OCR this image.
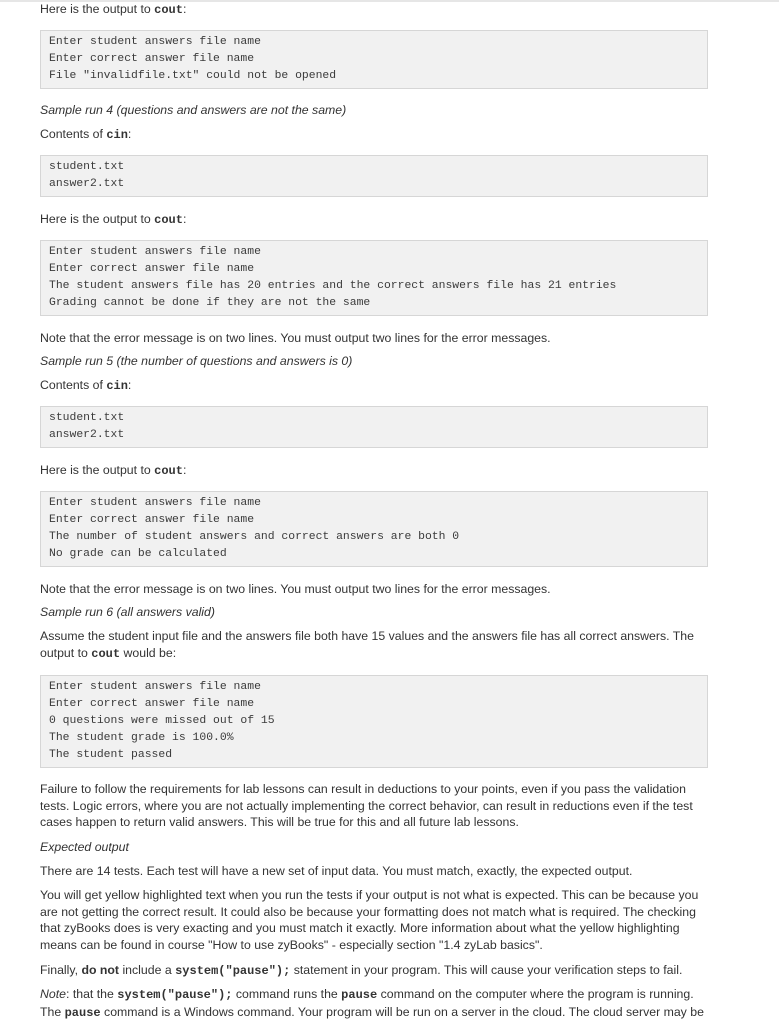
Here is the output to cout:

Enter student answers file name
Enter correct answer file name
File "invalidfile.txt" could not be opened

Sample run 4 (questions and answers are not the same)

Contents of cin:

student.txt
answer2.txt

Here is the output to cout:

Enter student answers file name
Enter correct answer file name
The student answers file has 20 entries and the correct answers file has 21 entries
Grading cannot be done if they are not the same

Note that the error message is on two lines. You must output two lines for the error messages.

Sample run 5 (the number of questions and answers is 0)

Contents of cin:

student.txt
answer2.txt

Here is the output to cout:

Enter student answers file name
Enter correct answer file name
The number of student answers and correct answers are both 0
No grade can be calculated

Note that the error message is on two lines. You must output two lines for the error messages.

Sample run 6 (all answers valid)

Assume the student input file and the answers file both have 15 values and the answers file has all correct answers. The output to cout would be:

Enter student answers file name
Enter correct answer file name
0 questions were missed out of 15
The student grade is 100.0%
The student passed

Failure to follow the requirements for lab lessons can result in deductions to your points, even if you pass the validation tests. Logic errors, where you are not actually implementing the correct behavior, can result in reductions even if the test cases happen to return valid answers. This will be true for this and all future lab lessons.

Expected output

There are 14 tests. Each test will have a new set of input data. You must match, exactly, the expected output.

You will get yellow highlighted text when you run the tests if your output is not what is expected. This can be because you are not getting the correct result. It could also be because your formatting does not match what is required. The checking that zyBooks does is very exacting and you must match it exactly. More information about what the yellow highlighting means can be found in course "How to use zyBooks" - especially section "1.4 zyLab basics".

Finally, do not include a system("pause"); statement in your program. This will cause your verification steps to fail.

Note: that the system("pause"); command runs the pause command on the computer where the program is running. The pause command is a Windows command. Your program will be run on a server in the cloud. The cloud server may be
